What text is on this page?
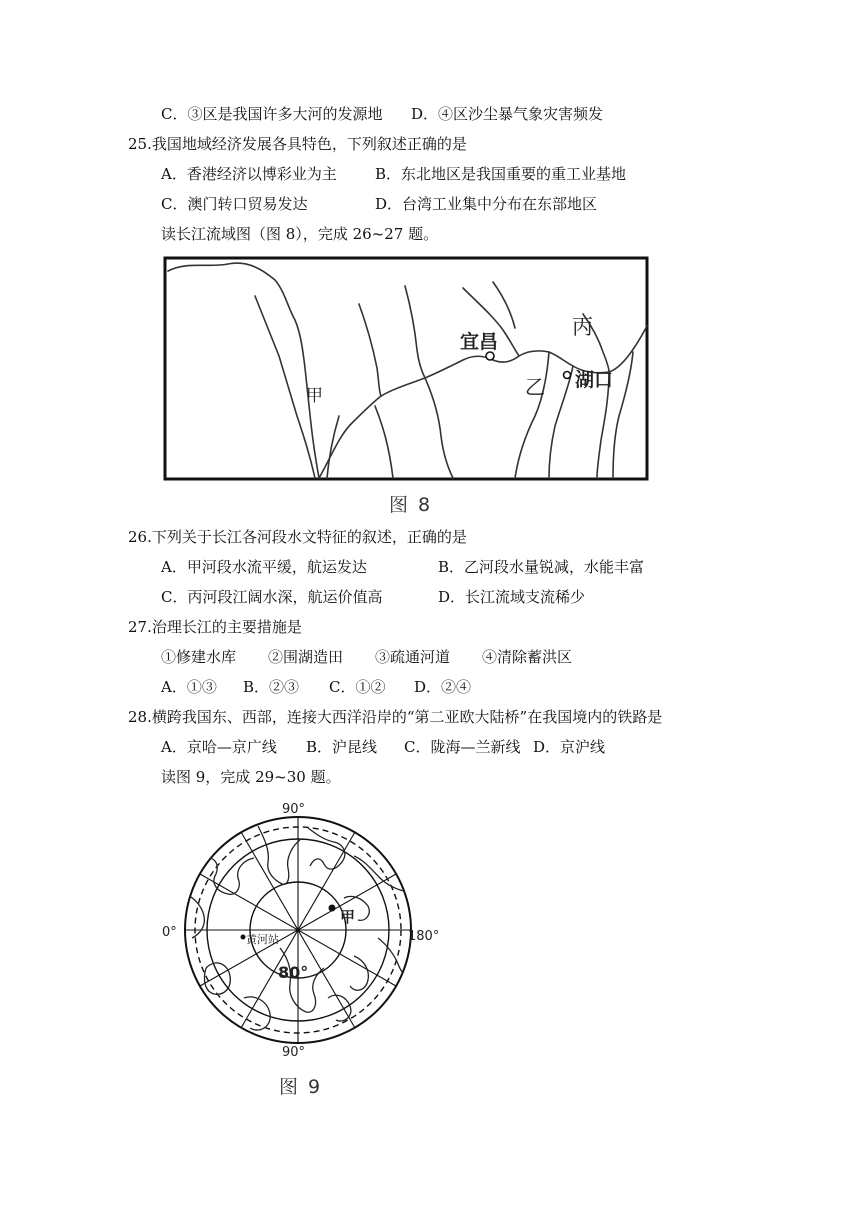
C．③区是我国许多大河的发源地 D．④区沙尘暴气象灾害频发
25.我国地域经济发展各具特色，下列叙述正确的是
A．香港经济以博彩业为主	B．东北地区是我国重要的重工业基地
C．澳门转口贸易发达	D．台湾工业集中分布在东部地区
读长江流域图（图 8），完成 26~27 题。
甲
宜昌
乙
丙
湖口
图 8
26.下列关于长江各河段水文特征的叙述，正确的是
A．甲河段水流平缓，航运发达	B．乙河段水量锐减，水能丰富
C．丙河段江阔水深，航运价值高	D．长江流域支流稀少
27.治理长江的主要措施是
①修建水库 ②围湖造田 ③疏通河道 ④清除蓄洪区
A．①③ B．②③ C．①② D．②④
28.横跨我国东、西部，连接大西洋沿岸的“第二亚欧大陆桥”在我国境内的铁路是
A．京哈—京广线 B．沪昆线 C．陇海—兰新线 D．京沪线
读图 9，完成 29~30 题。
90°
90°
0°	180°
80°
甲
黄河站
图 9
